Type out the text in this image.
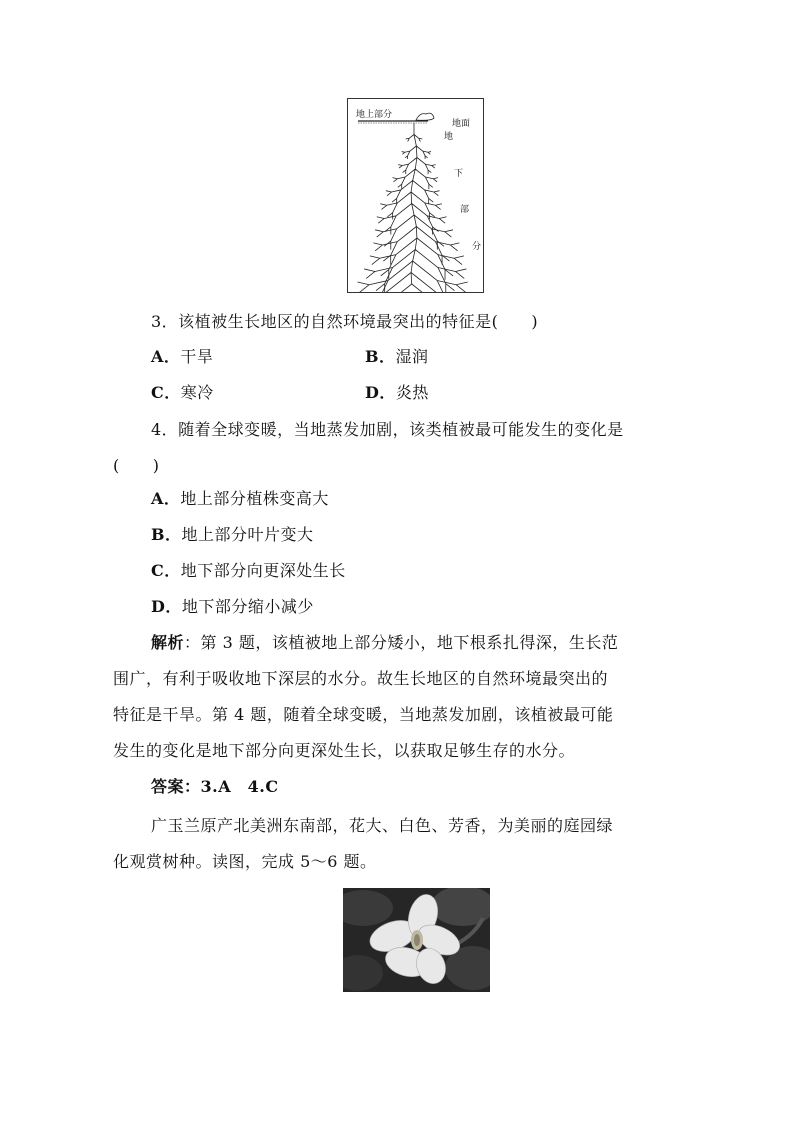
地上部分
地面
地
下
部
分
3．该植被生长地区的自然环境最突出的特征是(　　)
A．干旱	B．湿润
C．寒冷	D．炎热
4．随着全球变暖，当地蒸发加剧，该类植被最可能发生的变化是
(　　)
A．地上部分植株变高大
B．地上部分叶片变大
C．地下部分向更深处生长
D．地下部分缩小减少
解析：第 3 题，该植被地上部分矮小，地下根系扎得深，生长范
围广，有利于吸收地下深层的水分。故生长地区的自然环境最突出的
特征是干旱。第 4 题，随着全球变暖，当地蒸发加剧，该植被最可能
发生的变化是地下部分向更深处生长，以获取足够生存的水分。
答案：3.A　4.C
广玉兰原产北美洲东南部，花大、白色、芳香，为美丽的庭园绿
化观赏树种。读图，完成 5～6 题。
